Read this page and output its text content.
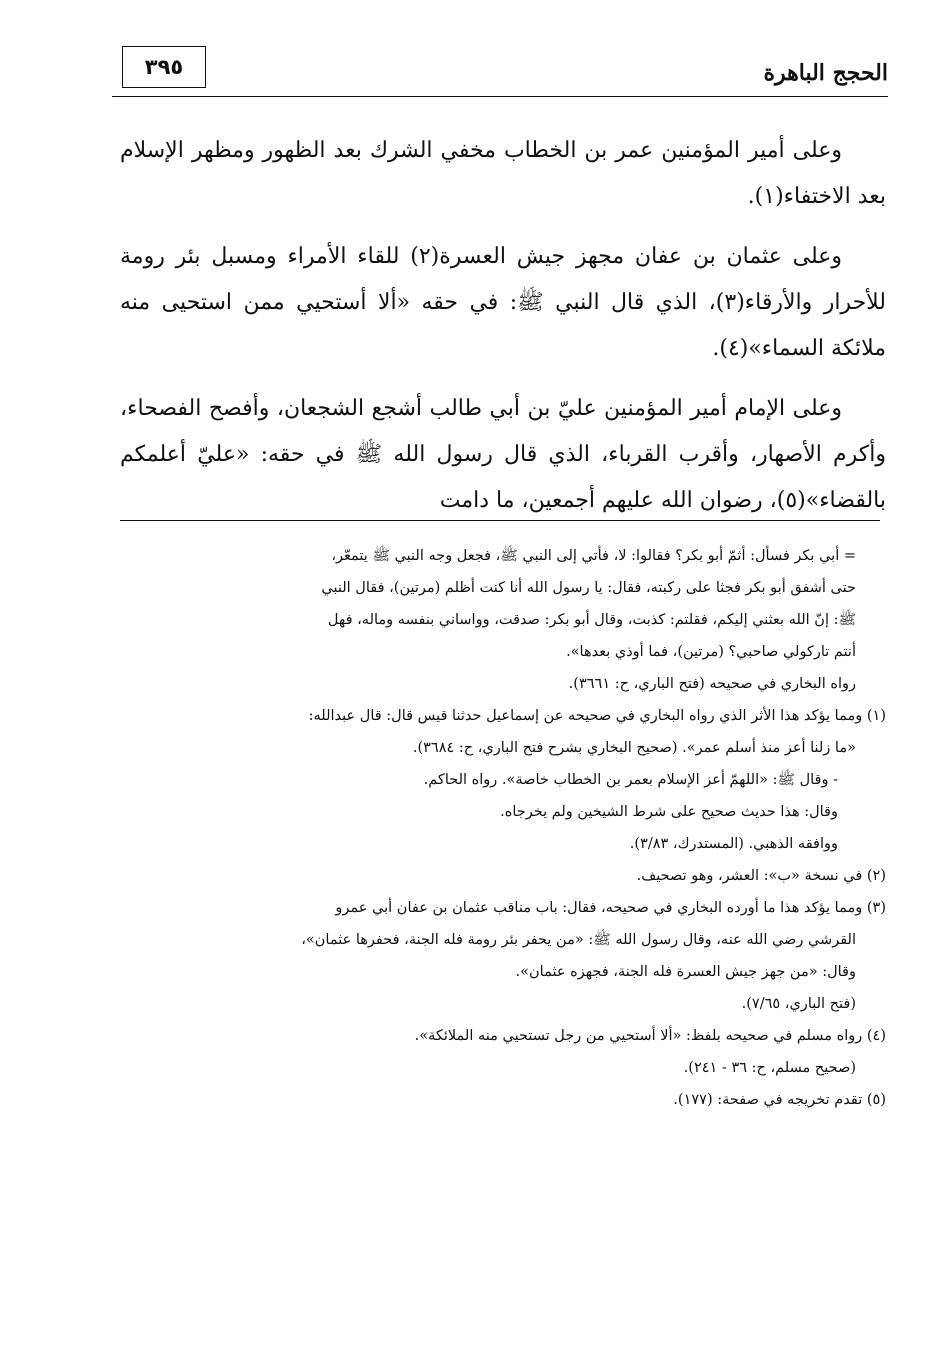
الحجج الباهرة
٣٩٥

وعلى أمير المؤمنين عمر بن الخطاب مخفي الشرك بعد الظهور ومظهر الإسلام بعد الاختفاء(١).

وعلى عثمان بن عفان مجهز جيش العسرة(٢) للقاء الأمراء ومسبل بئر رومة للأحرار والأرقاء(٣)، الذي قال النبي ﷺ: في حقه «ألا أستحيي ممن استحيى منه ملائكة السماء»(٤).

وعلى الإمام أمير المؤمنين عليّ بن أبي طالب أشجع الشجعان، وأفصح الفصحاء، وأكرم الأصهار، وأقرب القرباء، الذي قال رسول الله ﷺ في حقه: «عليّ أعلمكم بالقضاء»(٥)، رضوان الله عليهم أجمعين، ما دامت

= أبي بكر فسأل: أثمّ أبو بكر؟ فقالوا: لا، فأتي إلى النبي ﷺ، فجعل وجه النبي ﷺ يتمعّر،

حتى أشفق أبو بكر فجثا على ركبته، فقال: يا رسول الله أنا كنت أظلم (مرتين)، فقال النبي

ﷺ: إنّ الله بعثني إليكم، فقلتم: كذبت، وقال أبو بكر: صدقت، وواساني بنفسه وماله، فهل

أنتم تاركولي صاحبي؟ (مرتين)، فما أوذي بعدها».

رواه البخاري في صحيحه (فتح الباري، ح: ٣٦٦١).

(١) ومما يؤكد هذا الأثر الذي رواه البخاري في صحيحه عن إسماعيل حدثنا قيس قال: قال عبدالله:

«ما زلنا أعز منذ أسلم عمر». (صحيح البخاري بشرح فتح الباري، ح: ٣٦٨٤).

- وقال ﷺ: «اللهمّ أعز الإسلام بعمر بن الخطاب خاصة». رواه الحاكم.

وقال: هذا حديث صحيح على شرط الشيخين ولم يخرجاه.

ووافقه الذهبي. (المستدرك، ٣/٨٣).

(٢) في نسخة «ب»: العشر، وهو تصحيف.

(٣) ومما يؤكد هذا ما أورده البخاري في صحيحه، فقال: باب مناقب عثمان بن عفان أبي عمرو

القرشي رضي الله عنه، وقال رسول الله ﷺ: «من يحفر بئر رومة فله الجنة، فحفرها عثمان»،

وقال: «من جهز جيش العسرة فله الجنة، فجهزه عثمان».

(فتح الباري، ٧/٦٥).

(٤) رواه مسلم في صحيحه بلفظ: «ألا أستحيي من رجل تستحيي منه الملائكة».

(صحيح مسلم، ح: ٣٦ - ٢٤١).

(٥) تقدم تخريجه في صفحة: (١٧٧).
